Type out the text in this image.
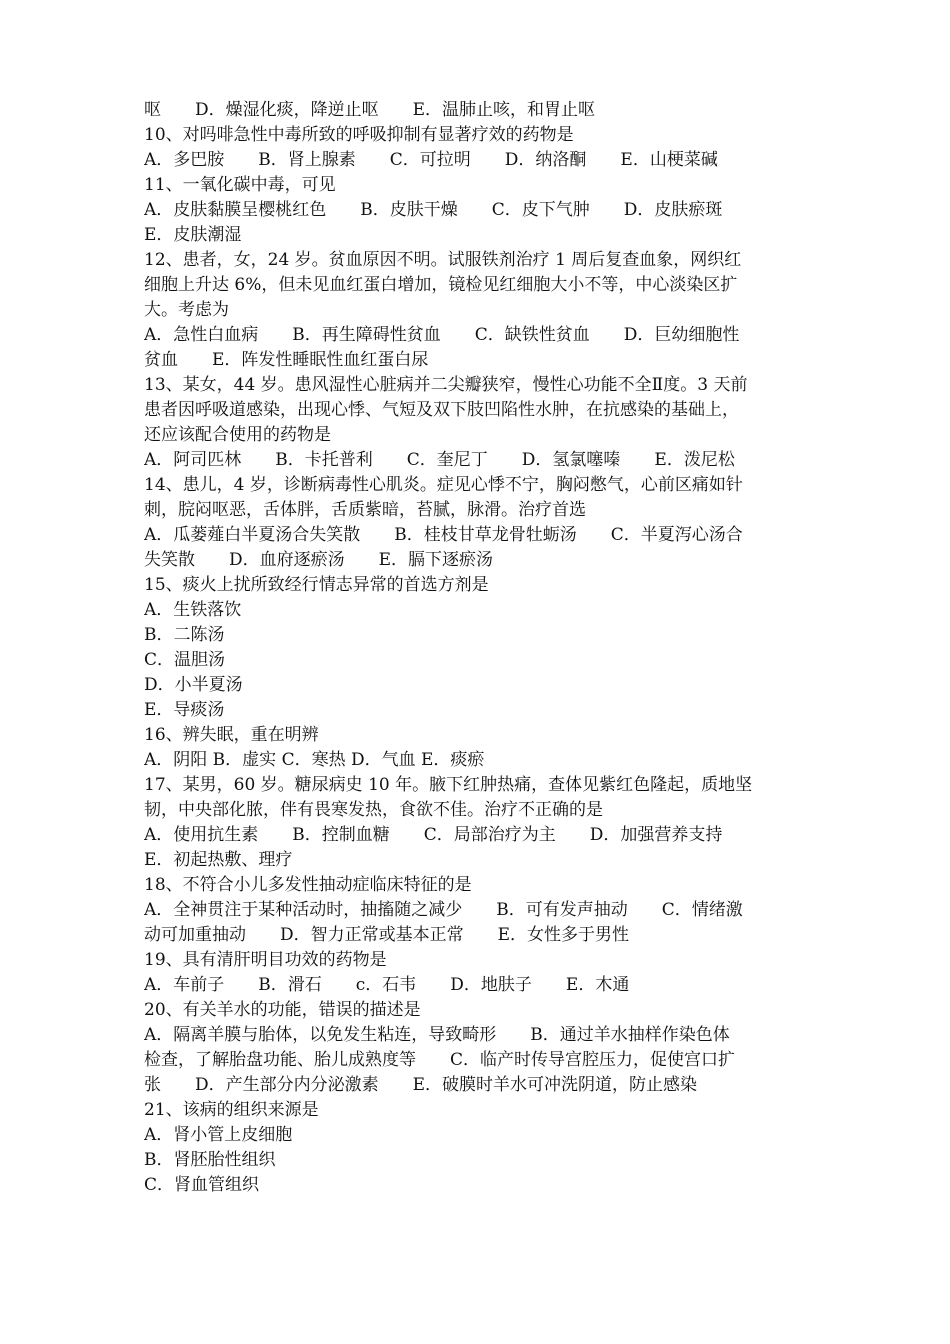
呕　　D．燥湿化痰，降逆止呕　　E．温肺止咳，和胃止呕
10、对吗啡急性中毒所致的呼吸抑制有显著疗效的药物是
A．多巴胺　　B．肾上腺素　　C．可拉明　　D．纳洛酮　　E．山梗菜碱
11、一氧化碳中毒，可见
A．皮肤黏膜呈樱桃红色　　B．皮肤干燥　　C．皮下气肿　　D．皮肤瘀斑
E．皮肤潮湿
12、患者，女，24 岁。贫血原因不明。试服铁剂治疗 1 周后复查血象，网织红
细胞上升达 6%，但未见血红蛋白增加，镜检见红细胞大小不等，中心淡染区扩
大。考虑为
A．急性白血病　　B．再生障碍性贫血　　C．缺铁性贫血　　D．巨幼细胞性
贫血　　E．阵发性睡眠性血红蛋白尿
13、某女，44 岁。患风湿性心脏病并二尖瓣狭窄，慢性心功能不全Ⅱ度。3 天前
患者因呼吸道感染，出现心悸、气短及双下肢凹陷性水肿，在抗感染的基础上，
还应该配合使用的药物是
A．阿司匹林　　B．卡托普利　　C．奎尼丁　　D．氢氯噻嗪　　E．泼尼松
14、患儿，4 岁，诊断病毒性心肌炎。症见心悸不宁，胸闷憋气，心前区痛如针
刺，脘闷呕恶，舌体胖，舌质紫暗，苔腻，脉滑。治疗首选
A．瓜蒌薤白半夏汤合失笑散　　B．桂枝甘草龙骨牡蛎汤　　C．半夏泻心汤合
失笑散　　D．血府逐瘀汤　　E．膈下逐瘀汤
15、痰火上扰所致经行情志异常的首选方剂是
A．生铁落饮
B．二陈汤
C．温胆汤
D．小半夏汤
E．导痰汤
16、辨失眠，重在明辨
A．阴阳 B．虚实 C．寒热 D．气血 E．痰瘀
17、某男，60 岁。糖尿病史 10 年。腋下红肿热痛，查体见紫红色隆起，质地坚
韧，中央部化脓，伴有畏寒发热，食欲不佳。治疗不正确的是
A．使用抗生素　　B．控制血糖　　C．局部治疗为主　　D．加强营养支持
E．初起热敷、理疗
18、不符合小儿多发性抽动症临床特征的是
A．全神贯注于某种活动时，抽搐随之减少　　B．可有发声抽动　　C．情绪激
动可加重抽动　　D．智力正常或基本正常　　E．女性多于男性
19、具有清肝明目功效的药物是
A．车前子　　B．滑石　　c．石韦　　D．地肤子　　E．木通
20、有关羊水的功能，错误的描述是
A．隔离羊膜与胎体，以免发生粘连，导致畸形　　B．通过羊水抽样作染色体
检查，了解胎盘功能、胎儿成熟度等　　C．临产时传导宫腔压力，促使宫口扩
张　　D．产生部分内分泌激素　　E．破膜时羊水可冲洗阴道，防止感染
21、该病的组织来源是
A．肾小管上皮细胞
B．肾胚胎性组织
C．肾血管组织
